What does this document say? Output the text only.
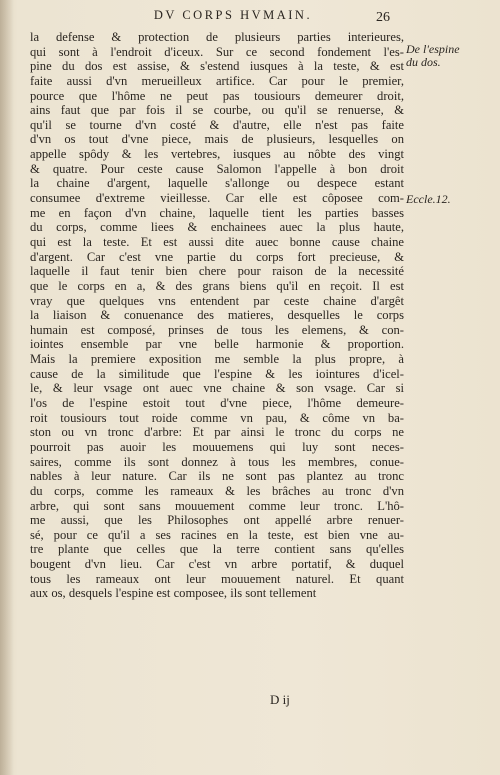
DV CORPS HVMAIN.	26
la defense & protection de plusieurs parties interieures,
qui sont à l'endroit d'iceux. Sur ce second fondement l'es-
pine du dos est assise, & s'estend iusques à la teste, & est
faite aussi d'vn merueilleux artifice. Car pour le premier,
pource que l'hôme ne peut pas tousiours demeurer droit,
ains faut que par fois il se courbe, ou qu'il se renuerse, &
qu'il se tourne d'vn costé & d'autre, elle n'est pas faite
d'vn os tout d'vne piece, mais de plusieurs, lesquelles on
appelle spôdy & les vertebres, iusques au nôbte des vingt
& quatre. Pour ceste cause Salomon l'appelle à bon droit
la chaine d'argent, laquelle s'allonge ou despece estant
consumee d'extreme vieillesse. Car elle est côposee com-
me en façon d'vn chaine, laquelle tient les parties basses
du corps, comme liees & enchainees auec la plus haute,
qui est la teste. Et est aussi dite auec bonne cause chaine
d'argent. Car c'est vne partie du corps fort precieuse, &
laquelle il faut tenir bien chere pour raison de la necessité
que le corps en a, & des grans biens qu'il en reçoit. Il est
vray que quelques vns entendent par ceste chaine d'argêt
la liaison & conuenance des matieres, desquelles le corps
humain est composé, prinses de tous les elemens, & con-
iointes ensemble par vne belle harmonie & proportion.
Mais la premiere exposition me semble la plus propre, à
cause de la similitude que l'espine & les iointures d'icel-
le, & leur vsage ont auec vne chaine & son vsage. Car si
l'os de l'espine estoit tout d'vne piece, l'hôme demeure-
roit tousiours tout roide comme vn pau, & côme vn ba-
ston ou vn tronc d'arbre: Et par ainsi le tronc du corps ne
pourroit pas auoir les mouuemens qui luy sont neces-
saires, comme ils sont donnez à tous les membres, conue-
nables à leur nature. Car ils ne sont pas plantez au tronc
du corps, comme les rameaux & les brâches au tronc d'vn
arbre, qui sont sans mouuement comme leur tronc. L'hô-
me aussi, que les Philosophes ont appellé arbre renuer-
sé, pour ce qu'il a ses racines en la teste, est bien vne au-
tre plante que celles que la terre contient sans qu'elles
bougent d'vn lieu. Car c'est vn arbre portatif, & duquel
tous les rameaux ont leur mouuement naturel. Et quant
aux os, desquels l'espine est composee, ils sont tellement
De l'espine
du dos.
Eccle.12.
D ij
